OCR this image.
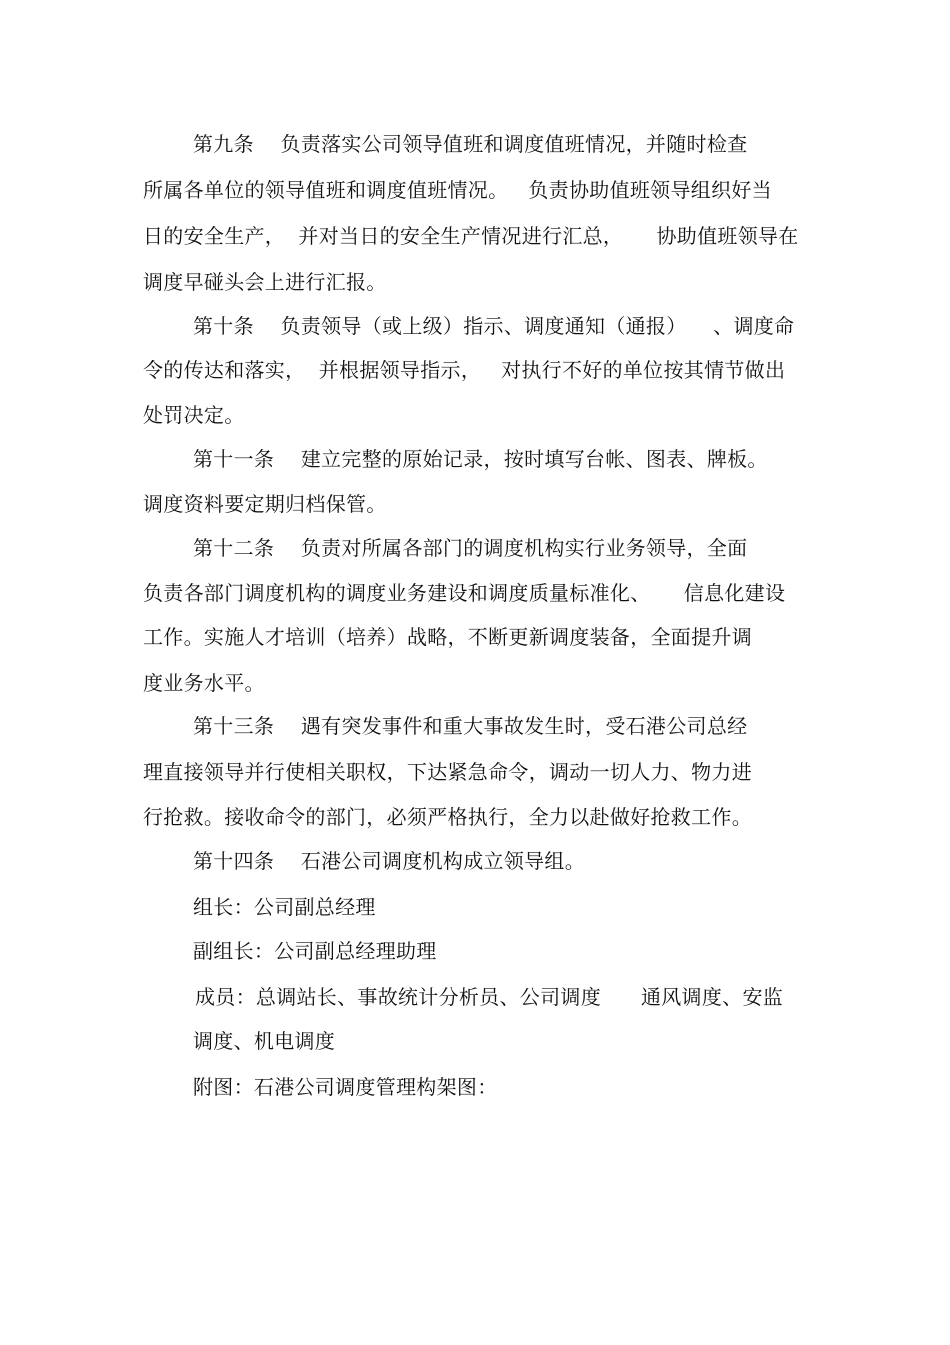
第九条    负责落实公司领导值班和调度值班情况，并随时检查
所属各单位的领导值班和调度值班情况。   负责协助值班领导组织好当
日的安全生产，  并对当日的安全生产情况进行汇总，     协助值班领导在
调度早碰头会上进行汇报。
第十条    负责领导（或上级）指示、调度通知（通报）    、调度命
令的传达和落实，  并根据领导指示，   对执行不好的单位按其情节做出
处罚决定。
第十一条    建立完整的原始记录，按时填写台帐、图表、牌板。
调度资料要定期归档保管。
第十二条    负责对所属各部门的调度机构实行业务领导，全面
负责各部门调度机构的调度业务建设和调度质量标准化、     信息化建设
工作。实施人才培训（培养）战略，不断更新调度装备，全面提升调
度业务水平。
第十三条    遇有突发事件和重大事故发生时，受石港公司总经
理直接领导并行使相关职权，下达紧急命令，调动一切人力、物力进
行抢救。接收命令的部门，必须严格执行，全力以赴做好抢救工作。
第十四条    石港公司调度机构成立领导组。
组长：公司副总经理
副组长：公司副总经理助理
成员：总调站长、事故统计分析员、公司调度      通风调度、安监
调度、机电调度
附图：石港公司调度管理构架图：
